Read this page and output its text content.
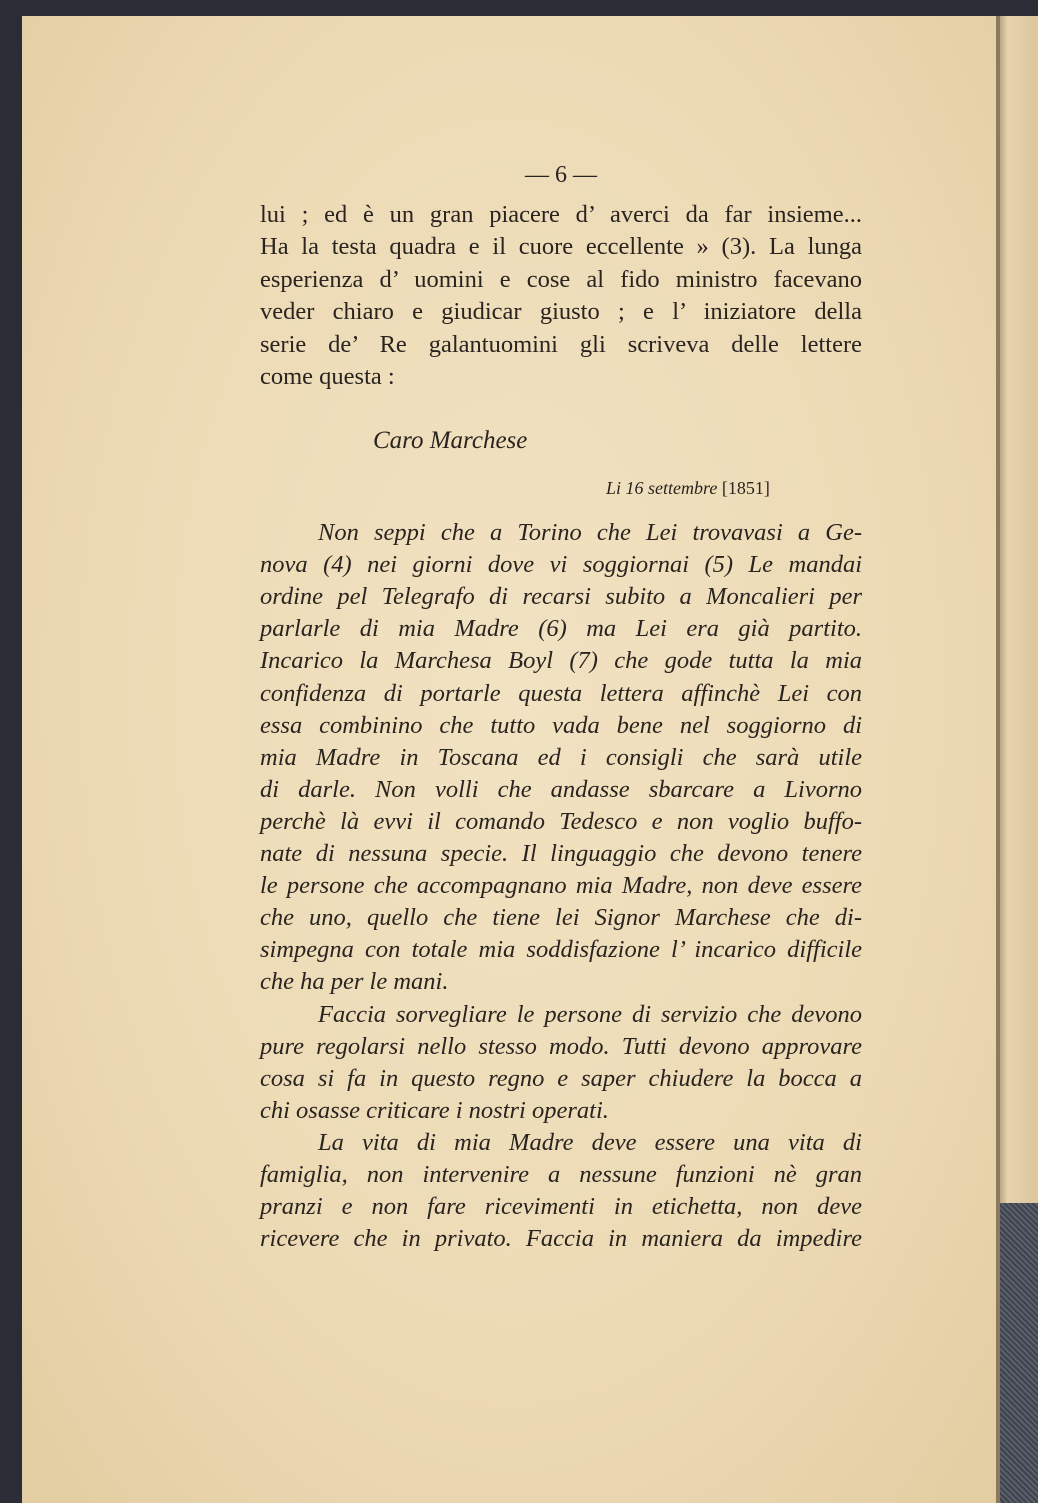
— 6 —
lui ; ed è un gran piacere d’ averci da far insieme...
Ha la testa quadra e il cuore eccellente » (3). La lunga
esperienza d’ uomini e cose al fido ministro facevano
veder chiaro e giudicar giusto ; e l’ iniziatore della
serie de’ Re galantuomini gli scriveva delle lettere
come questa :
Caro Marchese
Li 16 settembre [1851]
Non seppi che a Torino che Lei trovavasi a Ge-
nova (4) nei giorni dove vi soggiornai (5) Le mandai
ordine pel Telegrafo di recarsi subito a Moncalieri per
parlarle di mia Madre (6) ma Lei era già partito.
Incarico la Marchesa Boyl (7) che gode tutta la mia
confidenza di portarle questa lettera affinchè Lei con
essa combinino che tutto vada bene nel soggiorno di
mia Madre in Toscana ed i consigli che sarà utile
di darle. Non volli che andasse sbarcare a Livorno
perchè là evvi il comando Tedesco e non voglio buffo-
nate di nessuna specie. Il linguaggio che devono tenere
le persone che accompagnano mia Madre, non deve essere
che uno, quello che tiene lei Signor Marchese che di-
simpegna con totale mia soddisfazione l’ incarico difficile
che ha per le mani.
Faccia sorvegliare le persone di servizio che devono
pure regolarsi nello stesso modo. Tutti devono approvare
cosa si fa in questo regno e saper chiudere la bocca a
chi osasse criticare i nostri operati.
La vita di mia Madre deve essere una vita di
famiglia, non intervenire a nessune funzioni nè gran
pranzi e non fare ricevimenti in etichetta, non deve
ricevere che in privato. Faccia in maniera da impedire
